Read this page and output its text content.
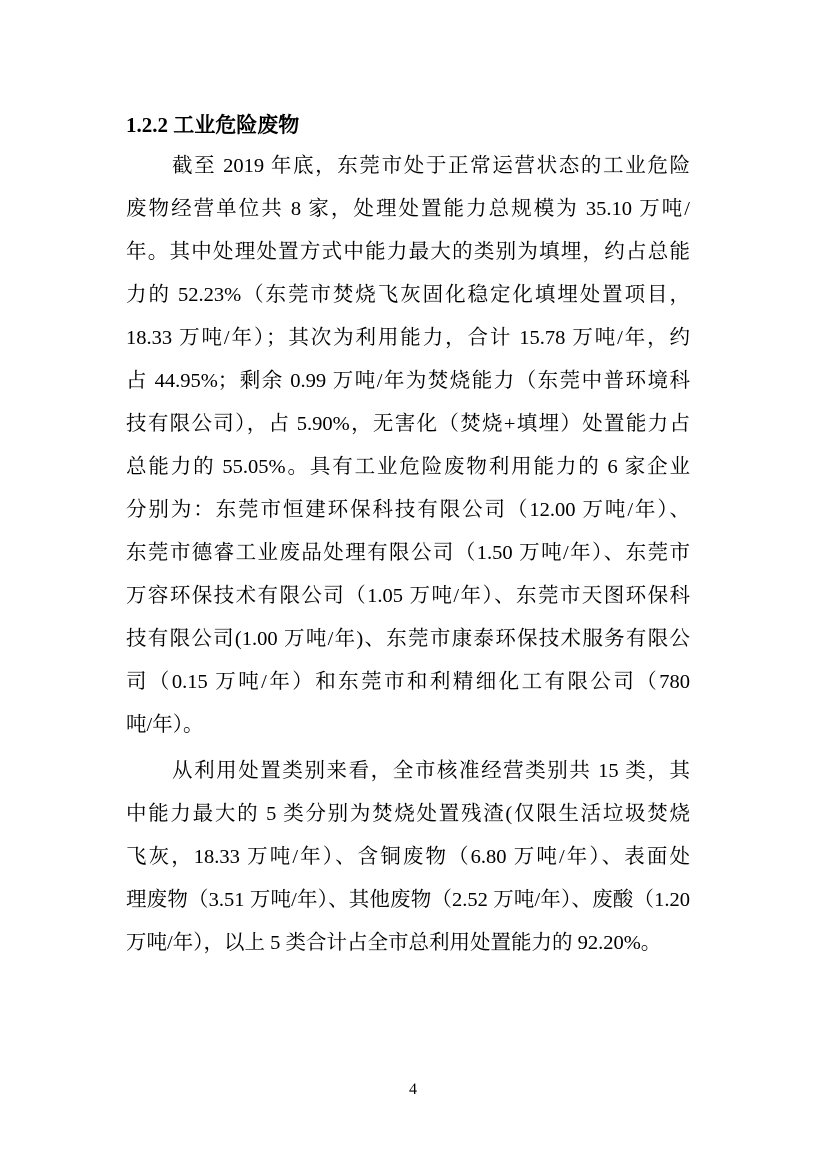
1.2.2 工业危险废物
截至 2019 年底，东莞市处于正常运营状态的工业危险
废物经营单位共 8 家，处理处置能力总规模为 35.10 万吨/
年。其中处理处置方式中能力最大的类别为填埋，约占总能
力的 52.23%（东莞市焚烧飞灰固化稳定化填埋处置项目，
18.33 万吨/年）；其次为利用能力，合计 15.78 万吨/年，约
占 44.95%；剩余 0.99 万吨/年为焚烧能力（东莞中普环境科
技有限公司），占 5.90%，无害化（焚烧+填埋）处置能力占
总能力的 55.05%。具有工业危险废物利用能力的 6 家企业
分别为：东莞市恒建环保科技有限公司（12.00 万吨/年）、
东莞市德睿工业废品处理有限公司（1.50 万吨/年）、东莞市
万容环保技术有限公司（1.05 万吨/年）、东莞市天图环保科
技有限公司(1.00 万吨/年)、东莞市康泰环保技术服务有限公
司（0.15 万吨/年）和东莞市和利精细化工有限公司（780
吨/年）。
从利用处置类别来看，全市核准经营类别共 15 类，其
中能力最大的 5 类分别为焚烧处置残渣(仅限生活垃圾焚烧
飞灰，18.33 万吨/年）、含铜废物（6.80 万吨/年）、表面处
理废物（3.51 万吨/年）、其他废物（2.52 万吨/年）、废酸（1.20
万吨/年），以上 5 类合计占全市总利用处置能力的 92.20%。
4
